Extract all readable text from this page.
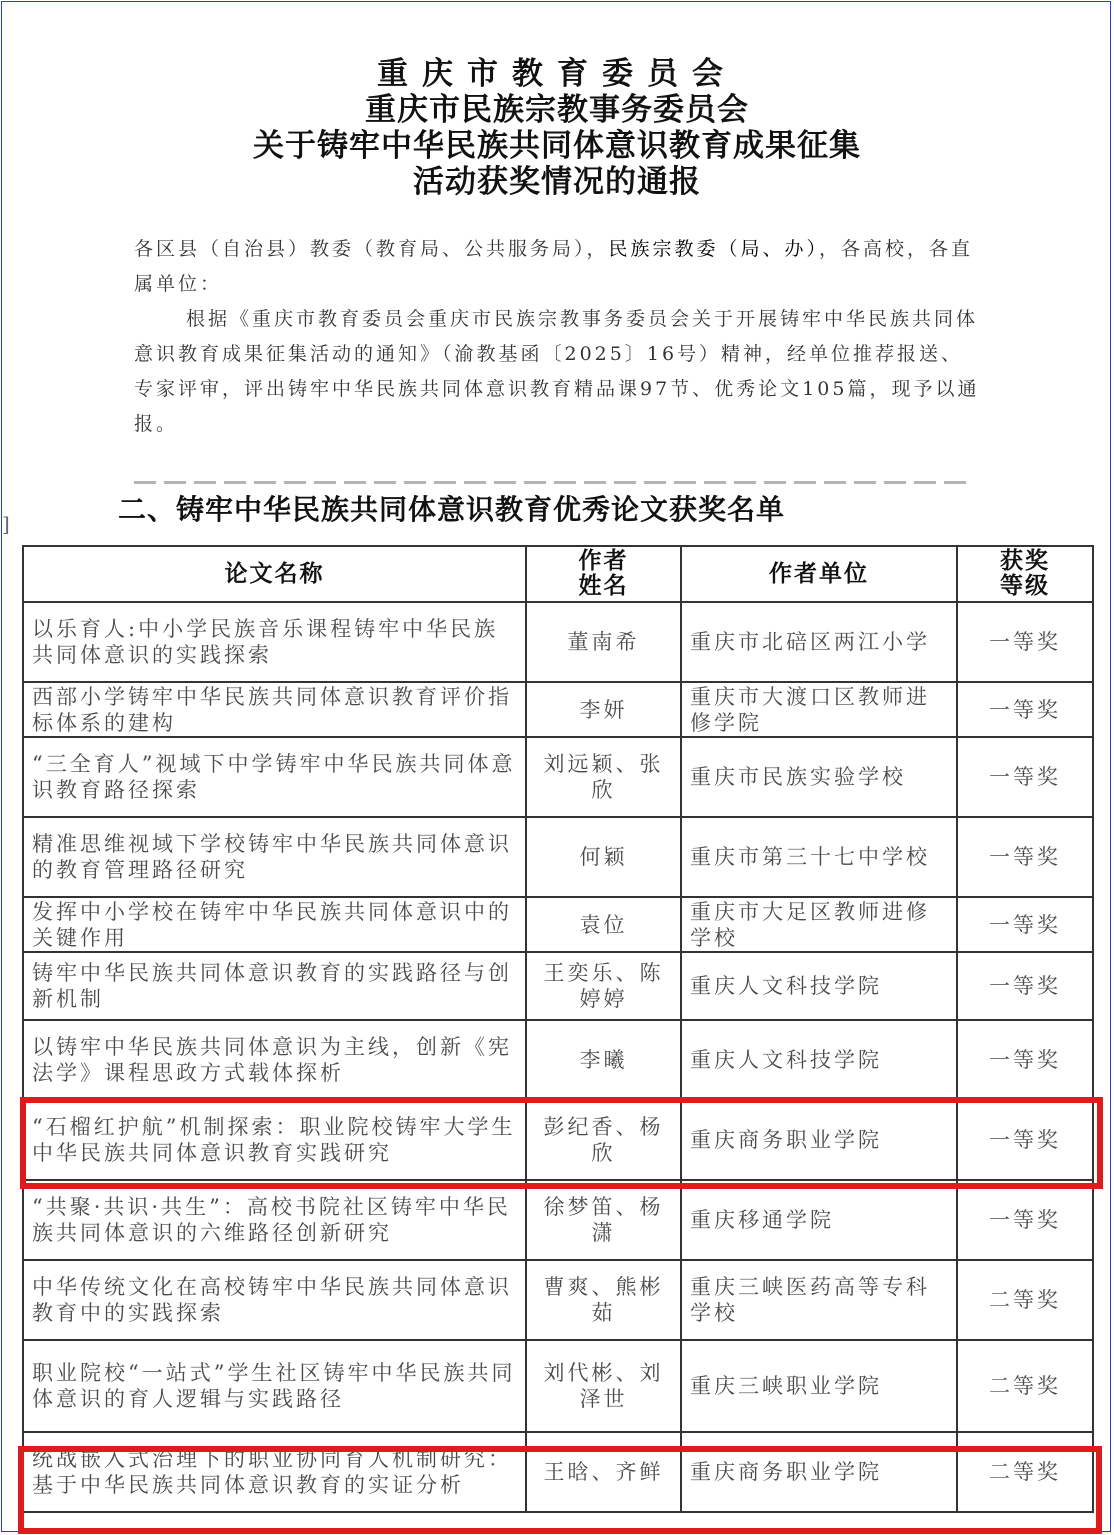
重庆市教育委员会

重庆市民族宗教事务委员会

关于铸牢中华民族共同体意识教育成果征集

活动获奖情况的通报

各区县（自治县）教委（教育局、公共服务局），民族宗教委（局、办），各高校，各直属单位：

根据《重庆市教育委员会重庆市民族宗教事务委员会关于开展铸牢中华民族共同体意识教育成果征集活动的通知》（渝教基函〔2025〕16号）精神，经单位推荐报送、专家评审，评出铸牢中华民族共同体意识教育精品课97节、优秀论文105篇，现予以通报。

二、铸牢中华民族共同体意识教育优秀论文获奖名单
]
论文名称	作者姓名	作者单位	获奖等级
以乐育人:中小学民族音乐课程铸牢中华民族共同体意识的实践探索	董南希	重庆市北碚区两江小学	一等奖
西部小学铸牢中华民族共同体意识教育评价指标体系的建构	李妍	重庆市大渡口区教师进修学院	一等奖
“三全育人”视域下中学铸牢中华民族共同体意识教育路径探索	刘远颖、张欣	重庆市民族实验学校	一等奖
精准思维视域下学校铸牢中华民族共同体意识的教育管理路径研究	何颖	重庆市第三十七中学校	一等奖
发挥中小学校在铸牢中华民族共同体意识中的关键作用	袁位	重庆市大足区教师进修学校	一等奖
铸牢中华民族共同体意识教育的实践路径与创新机制	王奕乐、陈婷婷	重庆人文科技学院	一等奖
以铸牢中华民族共同体意识为主线，创新《宪法学》课程思政方式载体探析	李曦	重庆人文科技学院	一等奖
“石榴红护航”机制探索：职业院校铸牢大学生中华民族共同体意识教育实践研究	彭纪香、杨欣	重庆商务职业学院	一等奖
“共聚·共识·共生”：高校书院社区铸牢中华民族共同体意识的六维路径创新研究	徐梦笛、杨潇	重庆移通学院	一等奖
中华传统文化在高校铸牢中华民族共同体意识教育中的实践探索	曹爽、熊彬茹	重庆三峡医药高等专科学校	二等奖
职业院校“一站式”学生社区铸牢中华民族共同体意识的育人逻辑与实践路径	刘代彬、刘泽世	重庆三峡职业学院	二等奖
统战嵌入式治理下的职业协同育人机制研究：基于中华民族共同体意识教育的实证分析	王晗、齐鲜	重庆商务职业学院	二等奖
